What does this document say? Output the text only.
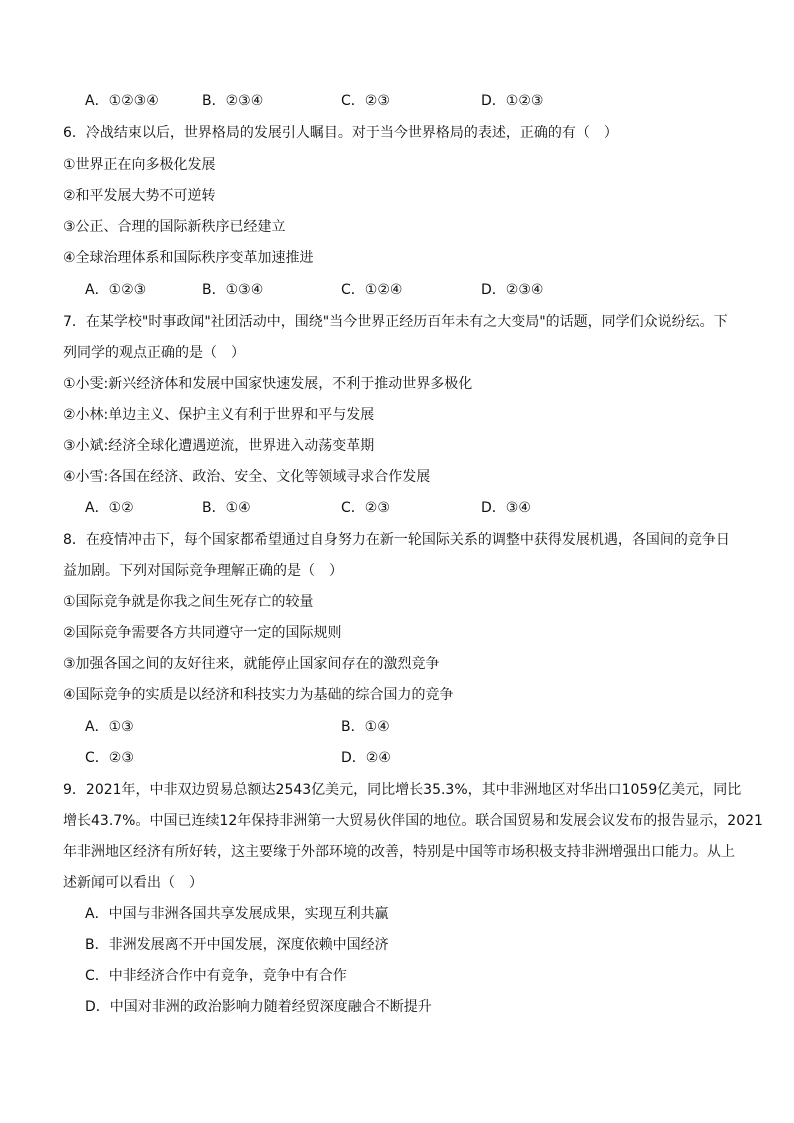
A．①②③④	B．②③④	C．②③	D．①②③
6．冷战结束以后，世界格局的发展引人瞩目。对于当今世界格局的表述，正确的有（　）
①世界正在向多极化发展
②和平发展大势不可逆转
③公正、合理的国际新秩序已经建立
④全球治理体系和国际秩序变革加速推进
A．①②③	B．①③④	C．①②④	D．②③④
7．在某学校"时事政闻"社团活动中，围绕"当今世界正经历百年未有之大变局"的话题，同学们众说纷纭。下
列同学的观点正确的是（　）
①小雯:新兴经济体和发展中国家快速发展，不利于推动世界多极化
②小林:单边主义、保护主义有利于世界和平与发展
③小斌:经济全球化遭遇逆流，世界进入动荡变革期
④小雪:各国在经济、政治、安全、文化等领域寻求合作发展
A．①②	B．①④	C．②③	D．③④
8．在疫情冲击下，每个国家都希望通过自身努力在新一轮国际关系的调整中获得发展机遇，各国间的竞争日
益加剧。下列对国际竞争理解正确的是（　）
①国际竞争就是你我之间生死存亡的较量
②国际竞争需要各方共同遵守一定的国际规则
③加强各国之间的友好往来，就能停止国家间存在的激烈竞争
④国际竞争的实质是以经济和科技实力为基础的综合国力的竞争
A．①③	B．①④
C．②③	D．②④
9．2021年，中非双边贸易总额达2543亿美元，同比增长35.3%，其中非洲地区对华出口1059亿美元，同比
增长43.7%。中国已连续12年保持非洲第一大贸易伙伴国的地位。联合国贸易和发展会议发布的报告显示，2021
年非洲地区经济有所好转，这主要缘于外部环境的改善，特别是中国等市场积极支持非洲增强出口能力。从上
述新闻可以看出（　）
A．中国与非洲各国共享发展成果，实现互利共赢
B．非洲发展离不开中国发展，深度依赖中国经济
C．中非经济合作中有竞争，竞争中有合作
D．中国对非洲的政治影响力随着经贸深度融合不断提升
